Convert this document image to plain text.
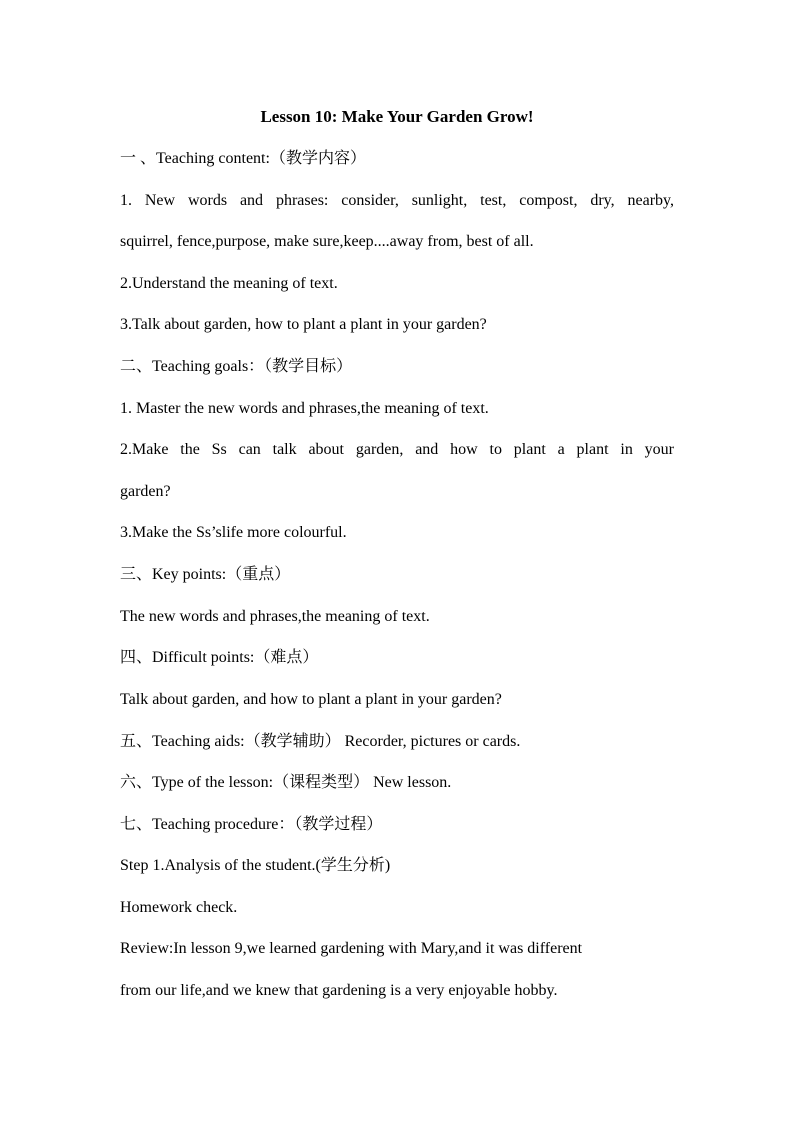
Lesson 10: Make Your Garden Grow!
一 、Teaching content:（教学内容）
1. New words and phrases: consider, sunlight, test, compost, dry, nearby,
squirrel, fence,purpose, make sure,keep....away from, best of all.
2.Understand the meaning of text.
3.Talk about garden, how to plant a plant in your garden?
二、Teaching goals：（教学目标）
1. Master the new words and phrases,the meaning of text.
2.Make the Ss can talk about garden, and how to plant a plant in your
garden?
3.Make the Ss’slife more colourful.
三、Key points:（重点）
The new words and phrases,the meaning of text.
四、Difficult points:（难点）
Talk about garden, and how to plant a plant in your garden?
五、Teaching aids:（教学辅助） Recorder, pictures or cards.
六、Type of the lesson:（课程类型） New lesson.
七、Teaching procedure：（教学过程）
Step 1.Analysis of the student.(学生分析)
Homework check.
Review:In lesson 9,we learned gardening with Mary,and it was different
from our life,and we knew that gardening is a very enjoyable hobby.
